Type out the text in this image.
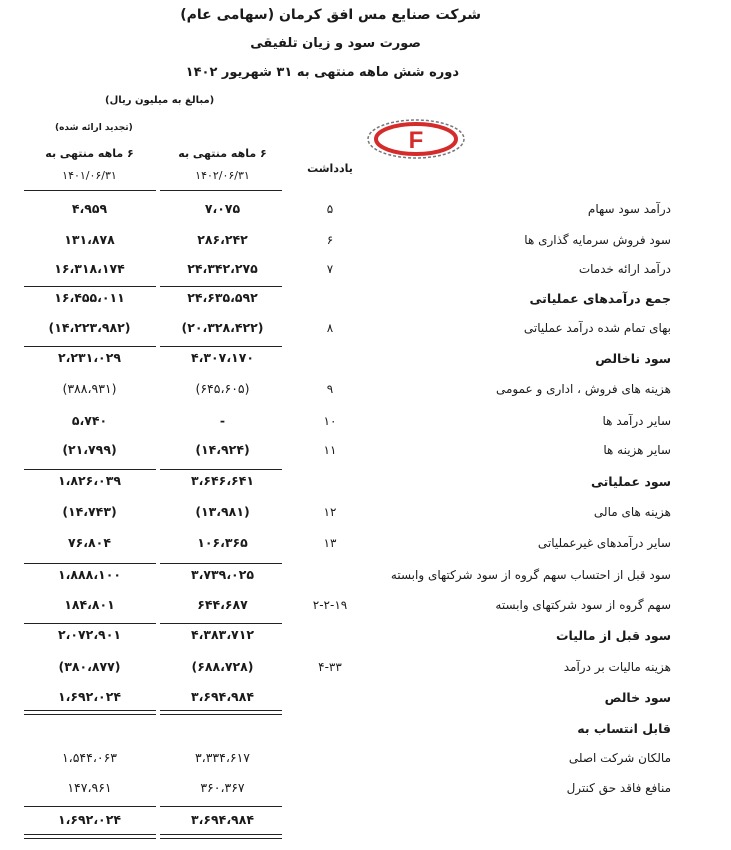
شرکت صنایع مس افق کرمان (سهامی عام)
صورت سود و زیان تلفیقی
دوره شش ماهه منتهی به ۳۱ شهریور ۱۴۰۲
(مبالغ به میلیون ریال)
(تجدید ارائه شده)	F
۶ ماهه منتهی به
۱۴۰۱/۰۶/۳۱
۶ ماهه منتهی به
۱۴۰۲/۰۶/۳۱
یادداشت
درآمد سود سهام
۵
۷،۰۷۵
۴،۹۵۹
سود فروش سرمایه گذاری ها
۶
۲۸۶،۲۴۲
۱۳۱،۸۷۸
درآمد ارائه خدمات
۷
۲۴،۳۴۲،۲۷۵
۱۶،۳۱۸،۱۷۴
جمع درآمدهای عملیاتی
۲۴،۶۳۵،۵۹۲
۱۶،۴۵۵،۰۱۱
بهای تمام شده درآمد عملیاتی
۸
(۲۰،۳۲۸،۴۲۲)
(۱۴،۲۲۳،۹۸۲)
سود ناخالص
۴،۳۰۷،۱۷۰
۲،۲۳۱،۰۲۹
هزینه های فروش ، اداری و عمومی
۹
(۶۴۵،۶۰۵)
(۳۸۸،۹۳۱)
سایر درآمد ها
۱۰
-
۵،۷۴۰
سایر هزینه ها
۱۱
(۱۴،۹۲۴)
(۲۱،۷۹۹)
سود عملیاتی
۳،۶۴۶،۶۴۱
۱،۸۲۶،۰۳۹
هزینه های مالی
۱۲
(۱۳،۹۸۱)
(۱۴،۷۴۳)
سایر درآمدهای غیرعملیاتی
۱۳
۱۰۶،۳۶۵
۷۶،۸۰۴
سود قبل از احتساب سهم گروه از سود شرکتهای وابسته
۳،۷۳۹،۰۲۵
۱،۸۸۸،۱۰۰
سهم گروه از سود شرکتهای وابسته
۲-۲-۱۹
۶۴۴،۶۸۷
۱۸۴،۸۰۱
سود قبل از مالیات
۴،۳۸۳،۷۱۲
۲،۰۷۲،۹۰۱
هزینه مالیات بر درآمد
۴-۳۳
(۶۸۸،۷۲۸)
(۳۸۰،۸۷۷)
سود خالص
۳،۶۹۴،۹۸۴
۱،۶۹۲،۰۲۴
قابل انتساب به
مالکان شرکت اصلی
۳،۳۳۴،۶۱۷
۱،۵۴۴،۰۶۳
منافع فاقد حق کنترل
۳۶۰،۳۶۷
۱۴۷،۹۶۱
۳،۶۹۴،۹۸۴
۱،۶۹۲،۰۲۴
